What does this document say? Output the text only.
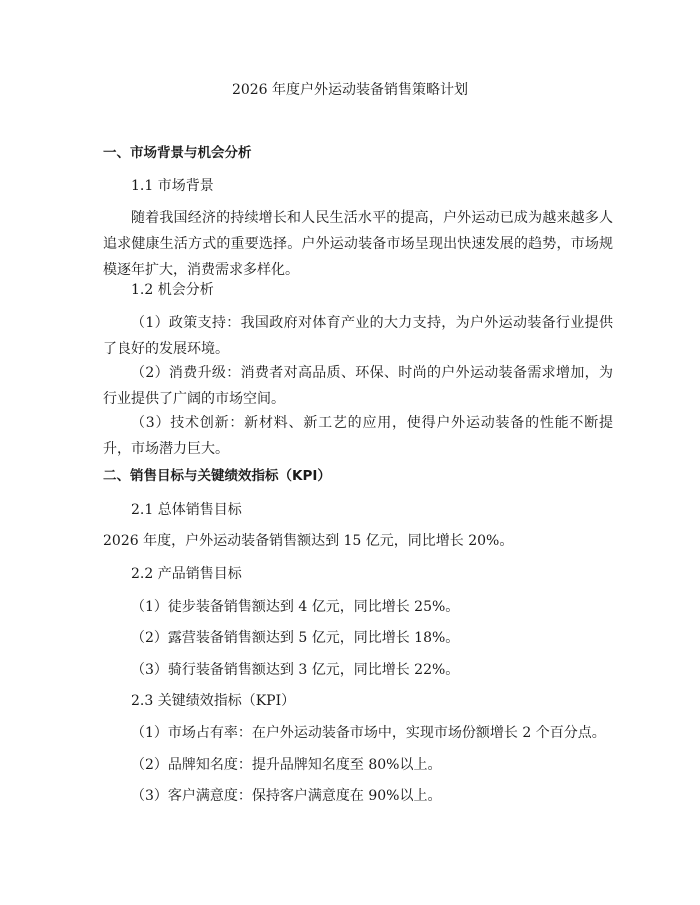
2026 年度户外运动装备销售策略计划

一、市场背景与机会分析

1.1 市场背景

随着我国经济的持续增长和人民生活水平的提高，户外运动已成为越来越多人追求健康生活方式的重要选择。户外运动装备市场呈现出快速发展的趋势，市场规模逐年扩大，消费需求多样化。

1.2 机会分析

（1）政策支持：我国政府对体育产业的大力支持，为户外运动装备行业提供了良好的发展环境。

（2）消费升级：消费者对高品质、环保、时尚的户外运动装备需求增加，为行业提供了广阔的市场空间。

（3）技术创新：新材料、新工艺的应用，使得户外运动装备的性能不断提升，市场潜力巨大。

二、销售目标与关键绩效指标（KPI）

2.1 总体销售目标

2026 年度，户外运动装备销售额达到 15 亿元，同比增长 20%。

2.2 产品销售目标

（1）徒步装备销售额达到 4 亿元，同比增长 25%。

（2）露营装备销售额达到 5 亿元，同比增长 18%。

（3）骑行装备销售额达到 3 亿元，同比增长 22%。

2.3 关键绩效指标（KPI）

（1）市场占有率：在户外运动装备市场中，实现市场份额增长 2 个百分点。

（2）品牌知名度：提升品牌知名度至 80%以上。

（3）客户满意度：保持客户满意度在 90%以上。
